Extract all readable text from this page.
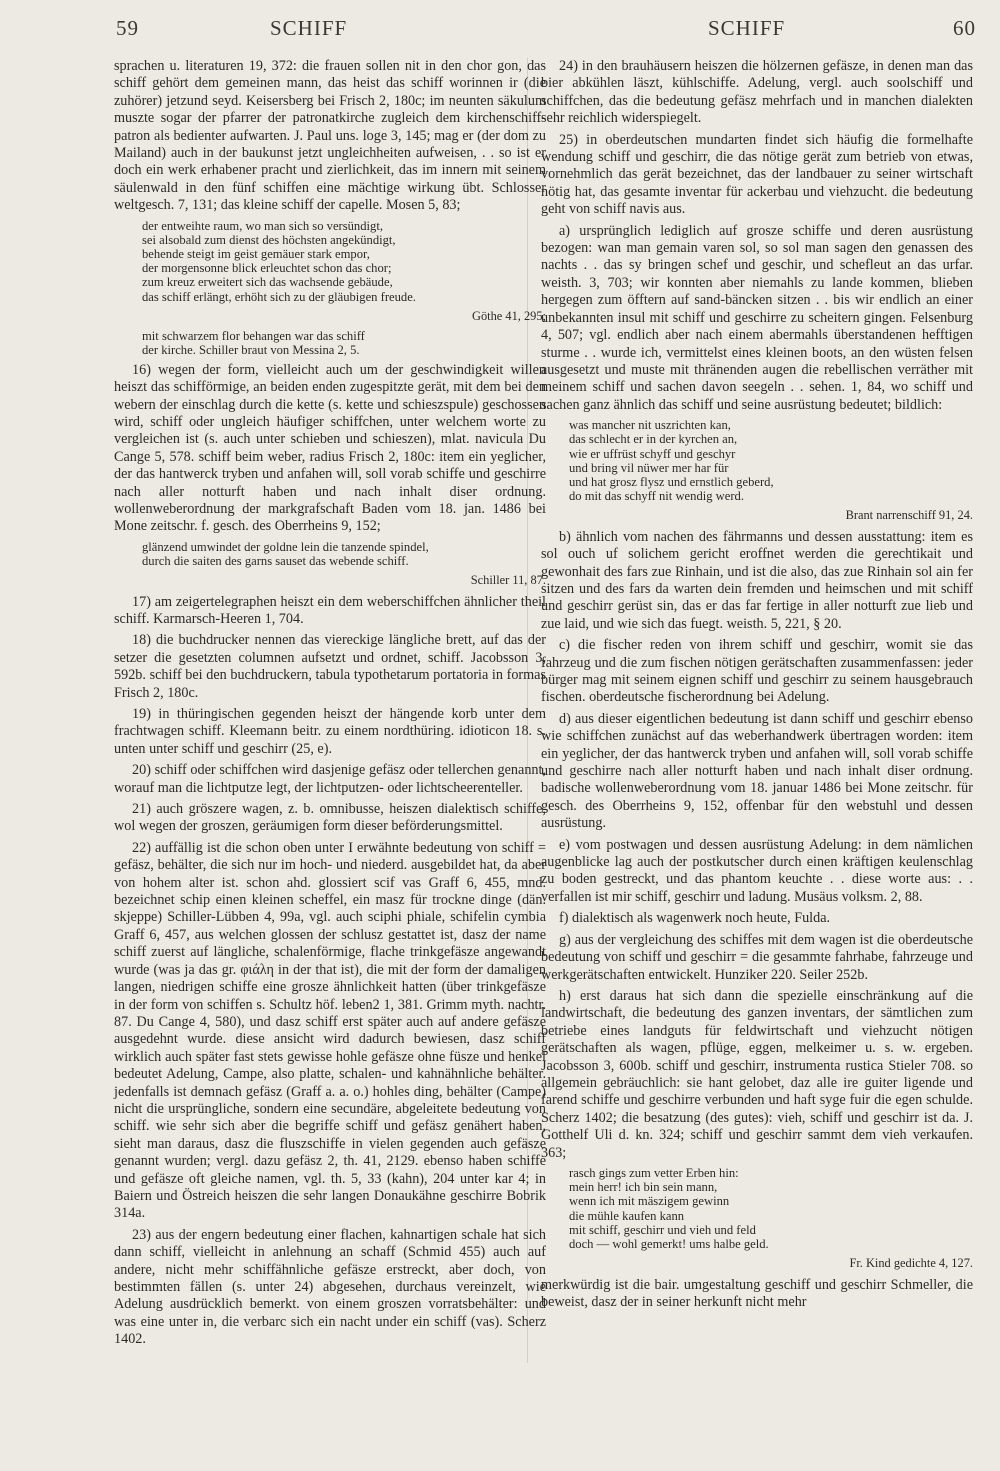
59	SCHIFF	SCHIFF	60

sprachen u. literaturen 19, 372: die frauen sollen nit in den chor gon, das schiff gehört dem gemeinen mann, das heist das schiff worinnen ir (die zuhörer) jetzund seyd. Keisersberg bei Frisch 2, 180c; im neunten säkulum muszte sogar der pfarrer der patronatkirche zugleich dem kirchenschiff-patron als bedienter aufwarten. J. Paul uns. loge 3, 145; mag er (der dom zu Mailand) auch in der baukunst jetzt ungleichheiten aufweisen, . . so ist er doch ein werk erhabener pracht und zierlichkeit, das im innern mit seinem säulenwald in den fünf schiffen eine mächtige wirkung übt. Schlosser weltgesch. 7, 131; das kleine schiff der capelle. Mosen 5, 83;

der entweihte raum, wo man sich so versündigt,
sei alsobald zum dienst des höchsten angekündigt,
behende steigt im geist gemäuer stark empor,
der morgensonne blick erleuchtet schon das chor;
zum kreuz erweitert sich das wachsende gebäude,
das schiff erlängt, erhöht sich zu der gläubigen freude.
Göthe 41, 295;
mit schwarzem flor behangen war das schiff
der kirche. Schiller braut von Messina 2, 5.

16) wegen der form, vielleicht auch um der geschwindigkeit willen heiszt das schifförmige, an beiden enden zugespitzte gerät, mit dem bei den webern der einschlag durch die kette (s. kette und schieszspule) geschossen wird, schiff oder ungleich häufiger schiffchen, unter welchem worte zu vergleichen ist (s. auch unter schieben und schieszen), mlat. navicula Du Cange 5, 578. schiff beim weber, radius Frisch 2, 180c: item ein yeglicher, der das hantwerck tryben und anfahen will, soll vorab schiffe und geschirre nach aller notturft haben und nach inhalt diser ordnung. wollenweberordnung der markgrafschaft Baden vom 18. jan. 1486 bei Mone zeitschr. f. gesch. des Oberrheins 9, 152;

glänzend umwindet der goldne lein die tanzende spindel,
durch die saiten des garns sauset das webende schiff.
Schiller 11, 87.

17) am zeigertelegraphen heiszt ein dem weberschiffchen ähnlicher theil schiff. Karmarsch-Heeren 1, 704.

18) die buchdrucker nennen das viereckige längliche brett, auf das der setzer die gesetzten columnen aufsetzt und ordnet, schiff. Jacobsson 3, 592b. schiff bei den buchdruckern, tabula typothetarum portatoria in formas Frisch 2, 180c.

19) in thüringischen gegenden heiszt der hängende korb unter dem frachtwagen schiff. Kleemann beitr. zu einem nordthüring. idioticon 18. s. unten unter schiff und geschirr (25, e).

20) schiff oder schiffchen wird dasjenige gefäsz oder tellerchen genannt, worauf man die lichtputze legt, der lichtputzen- oder lichtscheerenteller.

21) auch gröszere wagen, z. b. omnibusse, heiszen dialektisch schiffe, wol wegen der groszen, geräumigen form dieser beförderungsmittel.

22) auffällig ist die schon oben unter I erwähnte bedeutung von schiff = gefäsz, behälter, die sich nur im hoch- und niederd. ausgebildet hat, da aber von hohem alter ist. schon ahd. glossiert scif vas Graff 6, 455, mnd. bezeichnet schip einen kleinen scheffel, ein masz für trockne dinge (dän. skjeppe) Schiller-Lübben 4, 99a, vgl. auch sciphi phiale, schifelin cymbia Graff 6, 457, aus welchen glossen der schlusz gestattet ist, dasz der name schiff zuerst auf längliche, schalenförmige, flache trinkgefäsze angewandt wurde (was ja das gr. φιάλη in der that ist), die mit der form der damaligen langen, niedrigen schiffe eine grosze ähnlichkeit hatten (über trinkgefäsze in der form von schiffen s. Schultz höf. leben2 1, 381. Grimm myth. nachtr. 87. Du Cange 4, 580), und dasz schiff erst später auch auf andere gefäsze ausgedehnt wurde. diese ansicht wird dadurch bewiesen, dasz schiff wirklich auch später fast stets gewisse hohle gefäsze ohne füsze und henkel bedeutet Adelung, Campe, also platte, schalen- und kahnähnliche behälter. jedenfalls ist demnach gefäsz (Graff a. a. o.) hohles ding, behälter (Campe) nicht die ursprüngliche, sondern eine secundäre, abgeleitete bedeutung von schiff. wie sehr sich aber die begriffe schiff und gefäsz genähert haben, sieht man daraus, dasz die fluszschiffe in vielen gegenden auch gefäsze genannt wurden; vergl. dazu gefäsz 2, th. 41, 2129. ebenso haben schiffe und gefäsze oft gleiche namen, vgl. th. 5, 33 (kahn), 204 unter kar 4; in Baiern und Östreich heiszen die sehr langen Donaukähne geschirre Bobrik 314a.

23) aus der engern bedeutung einer flachen, kahnartigen schale hat sich dann schiff, vielleicht in anlehnung an schaff (Schmid 455) auch auf andere, nicht mehr schiffähnliche gefäsze erstreckt, aber doch, von bestimmten fällen (s. unter 24) abgesehen, durchaus vereinzelt, wie Adelung ausdrücklich bemerkt. von einem groszen vorratsbehälter: und was eine unter in, die verbarc sich ein nacht under ein schiff (vas). Scherz 1402.

24) in den brauhäusern heiszen die hölzernen gefäsze, in denen man das bier abkühlen läszt, kühlschiffe. Adelung, vergl. auch soolschiff und schiffchen, das die bedeutung gefäsz mehrfach und in manchen dialekten sehr reichlich widerspiegelt.

25) in oberdeutschen mundarten findet sich häufig die formelhafte wendung schiff und geschirr, die das nötige gerät zum betrieb von etwas, vornehmlich das gerät bezeichnet, das der landbauer zu seiner wirtschaft nötig hat, das gesamte inventar für ackerbau und viehzucht. die bedeutung geht von schiff navis aus.

a) ursprünglich lediglich auf grosze schiffe und deren ausrüstung bezogen: wan man gemain varen sol, so sol man sagen den genassen des nachts . . das sy bringen schef und geschir, und schefleut an das urfar. weisth. 3, 703; wir konnten aber niemahls zu lande kommen, blieben hergegen zum öfftern auf sand-bäncken sitzen . . bis wir endlich an einer unbekannten insul mit schiff und geschirre zu scheitern gingen. Felsenburg 4, 507; vgl. endlich aber nach einem abermahls überstandenen hefftigen sturme . . wurde ich, vermittelst eines kleinen boots, an den wüsten felsen ausgesetzt und muste mit thränenden augen die rebellischen verräther mit meinem schiff und sachen davon seegeln . . sehen. 1, 84, wo schiff und sachen ganz ähnlich das schiff und seine ausrüstung bedeutet; bildlich:

was mancher nit uszrichten kan,
das schlecht er in der kyrchen an,
wie er uffrüst schyff und geschyr
und bring vil nüwer mer har für
und hat grosz flysz und ernstlich geberd,
do mit das schyff nit wendig werd.
Brant narrenschiff 91, 24.

b) ähnlich vom nachen des fährmanns und dessen ausstattung: item es sol ouch uf solichem gericht eroffnet werden die gerechtikait und gewonhait des fars zue Rinhain, und ist die also, das zue Rinhain sol ain fer sitzen und des fars da warten dein fremden und heimschen und mit schiff und geschirr gerüst sin, das er das far fertige in aller notturft zue lieb und zue laid, und wie sich das fuegt. weisth. 5, 221, § 20.

c) die fischer reden von ihrem schiff und geschirr, womit sie das fahrzeug und die zum fischen nötigen gerätschaften zusammenfassen: jeder bürger mag mit seinem eignen schiff und geschirr zu seinem hausgebrauch fischen. oberdeutsche fischerordnung bei Adelung.

d) aus dieser eigentlichen bedeutung ist dann schiff und geschirr ebenso wie schiffchen zunächst auf das weberhandwerk übertragen worden: item ein yeglicher, der das hantwerck tryben und anfahen will, soll vorab schiffe und geschirre nach aller notturft haben und nach inhalt diser ordnung. badische wollenweberordnung vom 18. januar 1486 bei Mone zeitschr. für gesch. des Oberrheins 9, 152, offenbar für den webstuhl und dessen ausrüstung.

e) vom postwagen und dessen ausrüstung Adelung: in dem nämlichen augenblicke lag auch der postkutscher durch einen kräftigen keulenschlag zu boden gestreckt, und das phantom keuchte . . diese worte aus: . . verfallen ist mir schiff, geschirr und ladung. Musäus volksm. 2, 88.

f) dialektisch als wagenwerk noch heute, Fulda.

g) aus der vergleichung des schiffes mit dem wagen ist die oberdeutsche bedeutung von schiff und geschirr = die gesammte fahrhabe, fahrzeuge und werkgerätschaften entwickelt. Hunziker 220. Seiler 252b.

h) erst daraus hat sich dann die spezielle einschränkung auf die landwirtschaft, die bedeutung des ganzen inventars, der sämtlichen zum betriebe eines landguts für feldwirtschaft und viehzucht nötigen gerätschaften als wagen, pflüge, eggen, melkeimer u. s. w. ergeben. Jacobsson 3, 600b. schiff und geschirr, instrumenta rustica Stieler 708. so allgemein gebräuchlich: sie hant gelobet, daz alle ire guiter ligende und farend schiffe und geschirre verbunden und haft syge fuir die egen schulde. Scherz 1402; die besatzung (des gutes): vieh, schiff und geschirr ist da. J. Gotthelf Uli d. kn. 324; schiff und geschirr sammt dem vieh verkaufen. 363;

rasch gings zum vetter Erben hin:
mein herr! ich bin sein mann,
wenn ich mit mäszigem gewinn
die mühle kaufen kann
mit schiff, geschirr und vieh und feld
doch — wohl gemerkt! ums halbe geld.
Fr. Kind gedichte 4, 127.

merkwürdig ist die bair. umgestaltung geschiff und geschirr Schmeller, die beweist, dasz der in seiner herkunft nicht mehr
